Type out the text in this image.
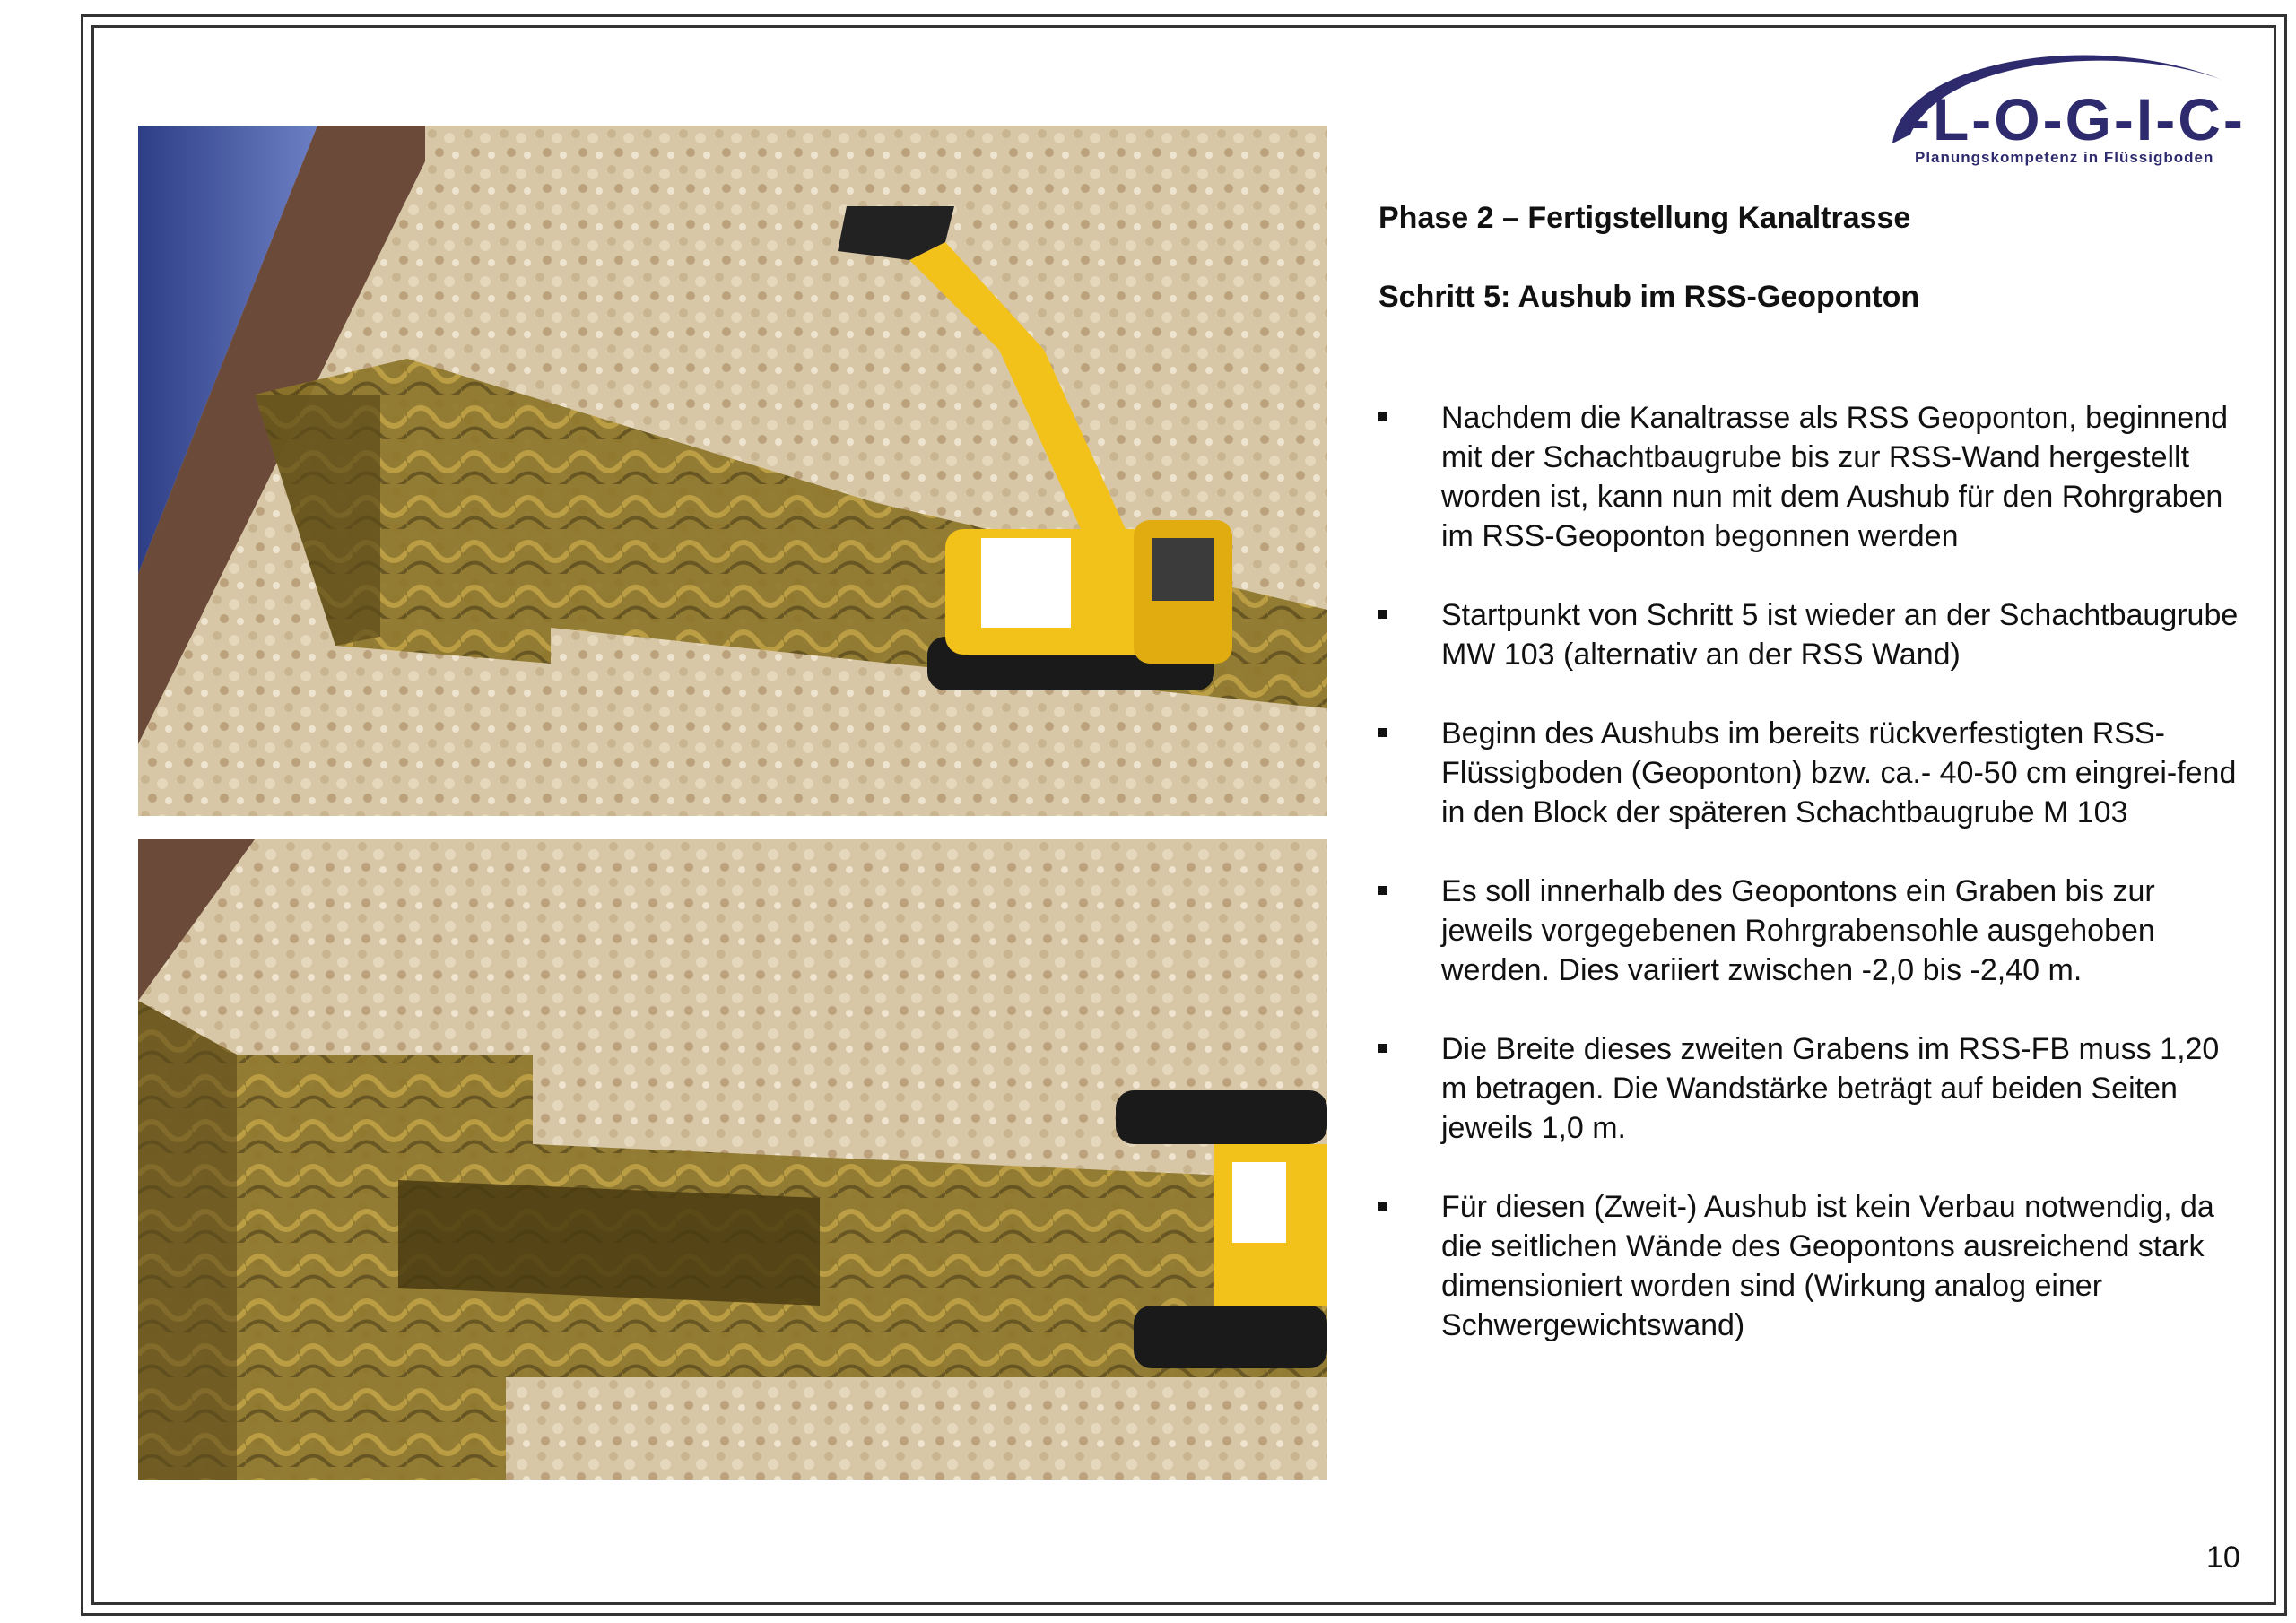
-L-O-G-I-C-
Planungskompetenz in Flüssigboden
Phase 2 – Fertigstellung Kanaltrasse
Schritt 5: Aushub im RSS-Geoponton
Nachdem die Kanaltrasse als RSS Geoponton, beginnend mit der Schachtbaugrube bis zur RSS-Wand hergestellt worden ist, kann nun mit dem Aushub für den Rohrgraben im RSS-Geoponton begonnen werden
Startpunkt von Schritt 5 ist wieder an der Schachtbaugrube MW 103 (alternativ an der RSS Wand)
Beginn des Aushubs im bereits rückverfestigten RSS-Flüssigboden (Geoponton) bzw. ca.- 40-50 cm eingrei-fend in den Block der späteren Schachtbaugrube M 103
Es soll innerhalb des Geopontons ein Graben bis zur jeweils vorgegebenen Rohrgrabensohle ausgehoben werden. Dies variiert zwischen -2,0 bis -2,40 m.
Die Breite dieses zweiten Grabens im RSS-FB muss 1,20 m betragen. Die Wandstärke beträgt auf beiden Seiten jeweils 1,0 m.
Für diesen (Zweit-) Aushub ist kein Verbau notwendig, da die seitlichen Wände des Geopontons ausreichend stark dimensioniert worden sind (Wirkung analog einer Schwergewichtswand)
10
